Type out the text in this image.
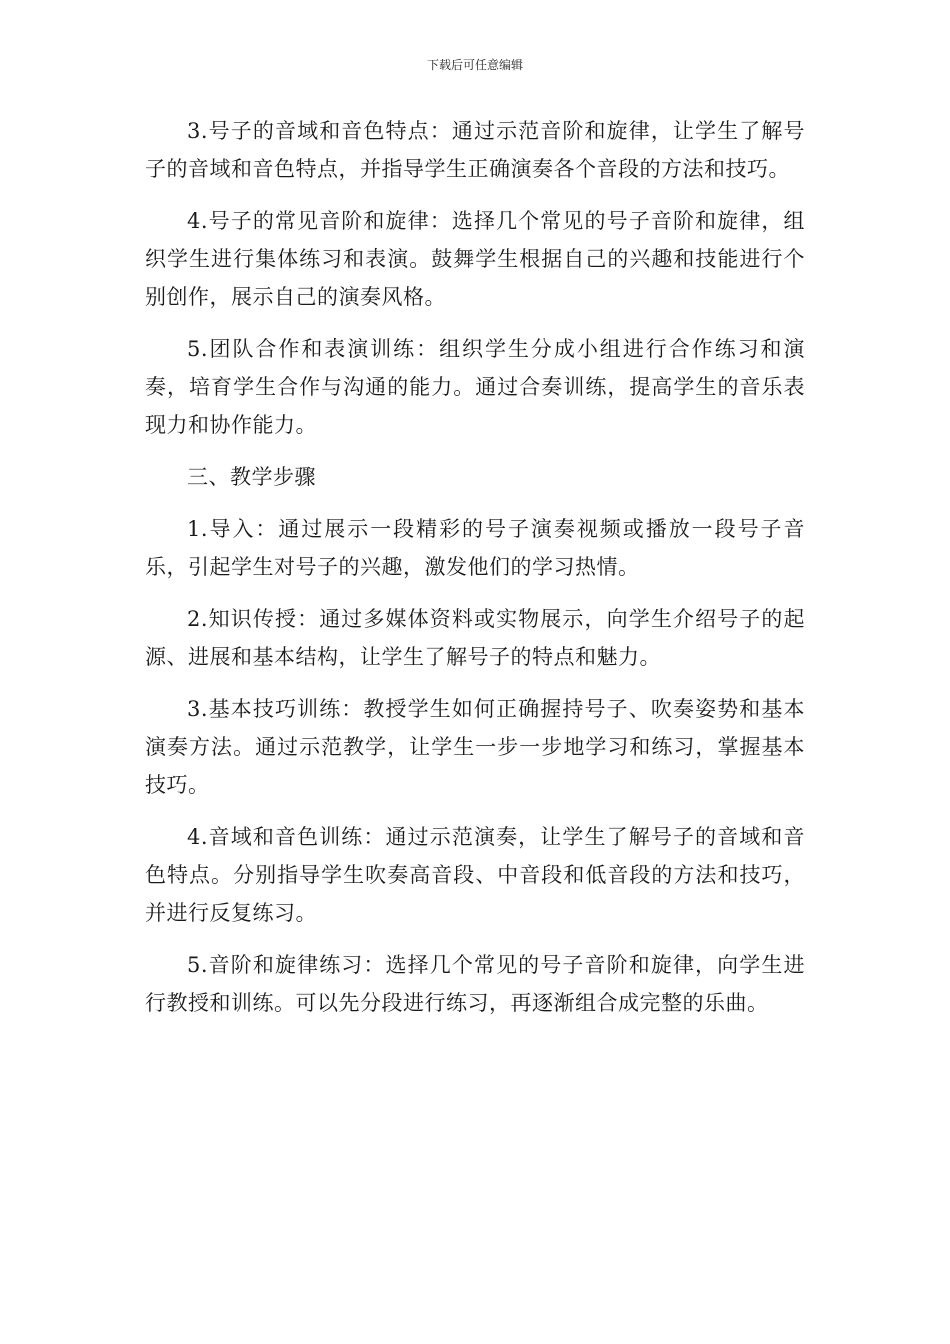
下载后可任意编辑

3.号子的音域和音色特点：通过示范音阶和旋律，让学生了解号子的音域和音色特点，并指导学生正确演奏各个音段的方法和技巧。

4.号子的常见音阶和旋律：选择几个常见的号子音阶和旋律，组织学生进行集体练习和表演。鼓舞学生根据自己的兴趣和技能进行个别创作，展示自己的演奏风格。

5.团队合作和表演训练：组织学生分成小组进行合作练习和演奏，培育学生合作与沟通的能力。通过合奏训练，提高学生的音乐表现力和协作能力。

三、教学步骤

1.导入：通过展示一段精彩的号子演奏视频或播放一段号子音乐，引起学生对号子的兴趣，激发他们的学习热情。

2.知识传授：通过多媒体资料或实物展示，向学生介绍号子的起源、进展和基本结构，让学生了解号子的特点和魅力。

3.基本技巧训练：教授学生如何正确握持号子、吹奏姿势和基本演奏方法。通过示范教学，让学生一步一步地学习和练习，掌握基本技巧。

4.音域和音色训练：通过示范演奏，让学生了解号子的音域和音色特点。分别指导学生吹奏高音段、中音段和低音段的方法和技巧，并进行反复练习。

5.音阶和旋律练习：选择几个常见的号子音阶和旋律，向学生进行教授和训练。可以先分段进行练习，再逐渐组合成完整的乐曲。
